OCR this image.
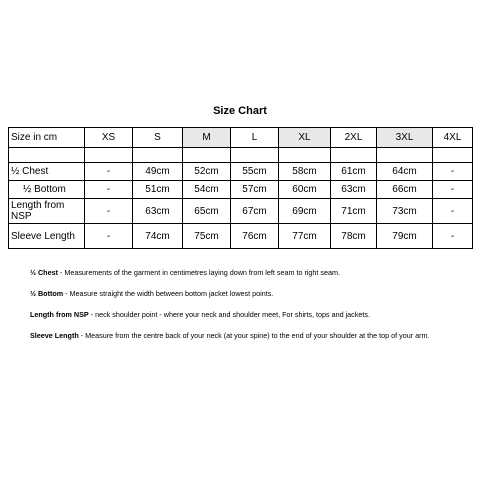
Size Chart
Size in cm	XS	S	M	L	XL	2XL	3XL	4XL

½ Chest	-	49cm	52cm	55cm	58cm	61cm	64cm	-
½ Bottom	-	51cm	54cm	57cm	60cm	63cm	66cm	-
Length from NSP	-	63cm	65cm	67cm	69cm	71cm	73cm	-
Sleeve Length	-	74cm	75cm	76cm	77cm	78cm	79cm	-

½ Chest - Measurements of the garment in centimetres laying down from left seam to right seam.

½ Bottom - Measure straight the width between bottom jacket lowest points.

Length from NSP - neck shoulder point - where your neck and shoulder meet, For shirts, tops and jackets.

Sleeve Length - Measure from the centre back of your neck (at your spine) to the end of your shoulder at the top of your arm.
